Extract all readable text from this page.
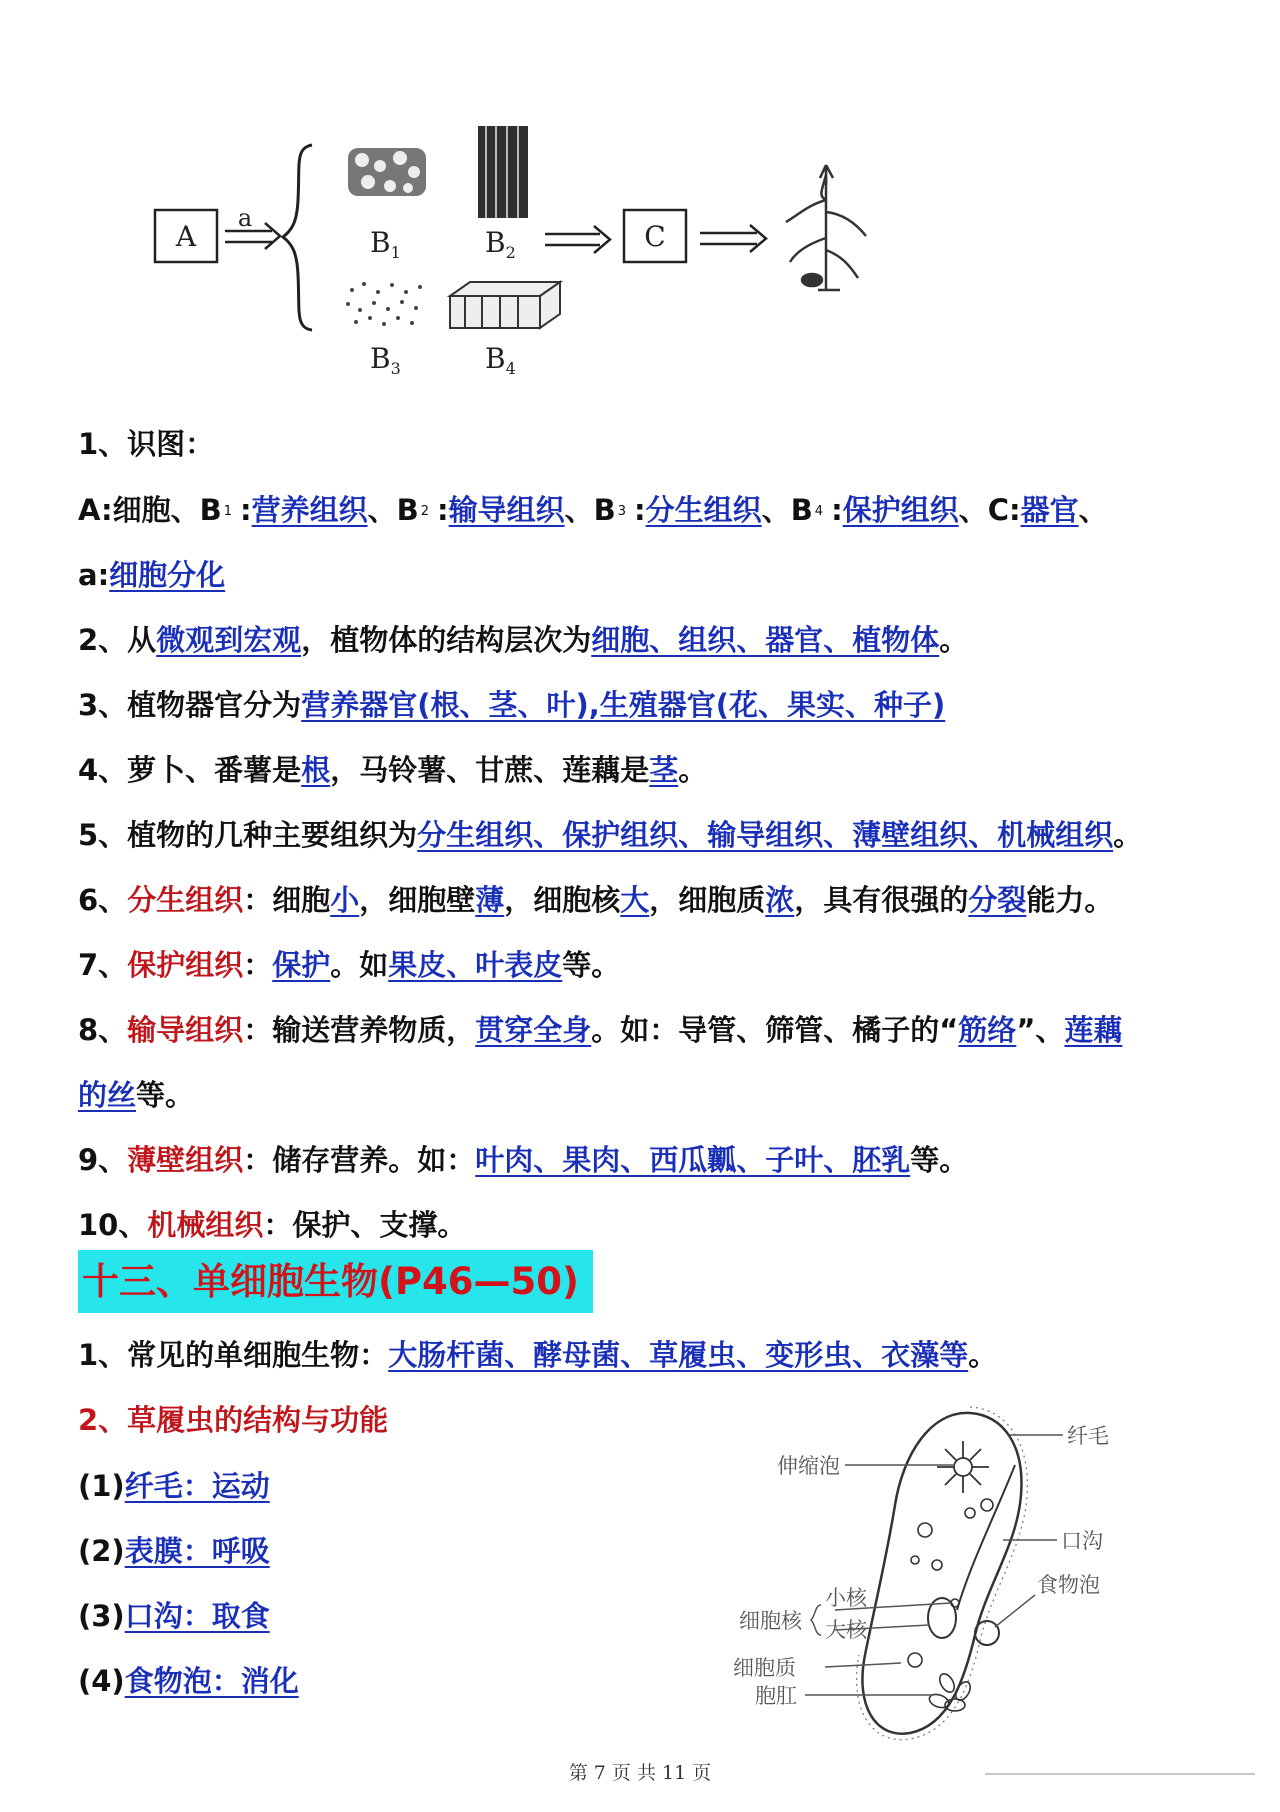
A
a
$B_1$	$B_2$	C
$B_3$	$B_4$
1、识图：
A:细胞、B 1 :营养组织、B 2 :输导组织、B 3 :分生组织、B 4 :保护组织、C:器官、
a:细胞分化
2、从微观到宏观，植物体的结构层次为细胞、组织、器官、植物体。
3、植物器官分为营养器官(根、茎、叶),生殖器官(花、果实、种子)
4、萝卜、番薯是根，马铃薯、甘蔗、莲藕是茎。
5、植物的几种主要组织为分生组织、保护组织、输导组织、薄壁组织、机械组织。
6、分生组织：细胞小，细胞壁薄，细胞核大，细胞质浓，具有很强的分裂能力。
7、保护组织：保护。如果皮、叶表皮等。
8、输导组织：输送营养物质，贯穿全身。如：导管、筛管、橘子的“筋络”、莲藕
的丝等。
9、薄壁组织：储存营养。如：叶肉、果肉、西瓜瓤、子叶、胚乳等。
10、机械组织：保护、支撑。
十三、单细胞生物(P46—50)
1、常见的单细胞生物：大肠杆菌、酵母菌、草履虫、变形虫、衣藻等。
2、草履虫的结构与功能
(1)纤毛：运动
(2)表膜：呼吸
(3)口沟：取食
(4)食物泡：消化
纤毛
伸缩泡
口沟
食物泡
细胞核
小核
大核
细胞质
胞肛
第 7 页 共 11 页
